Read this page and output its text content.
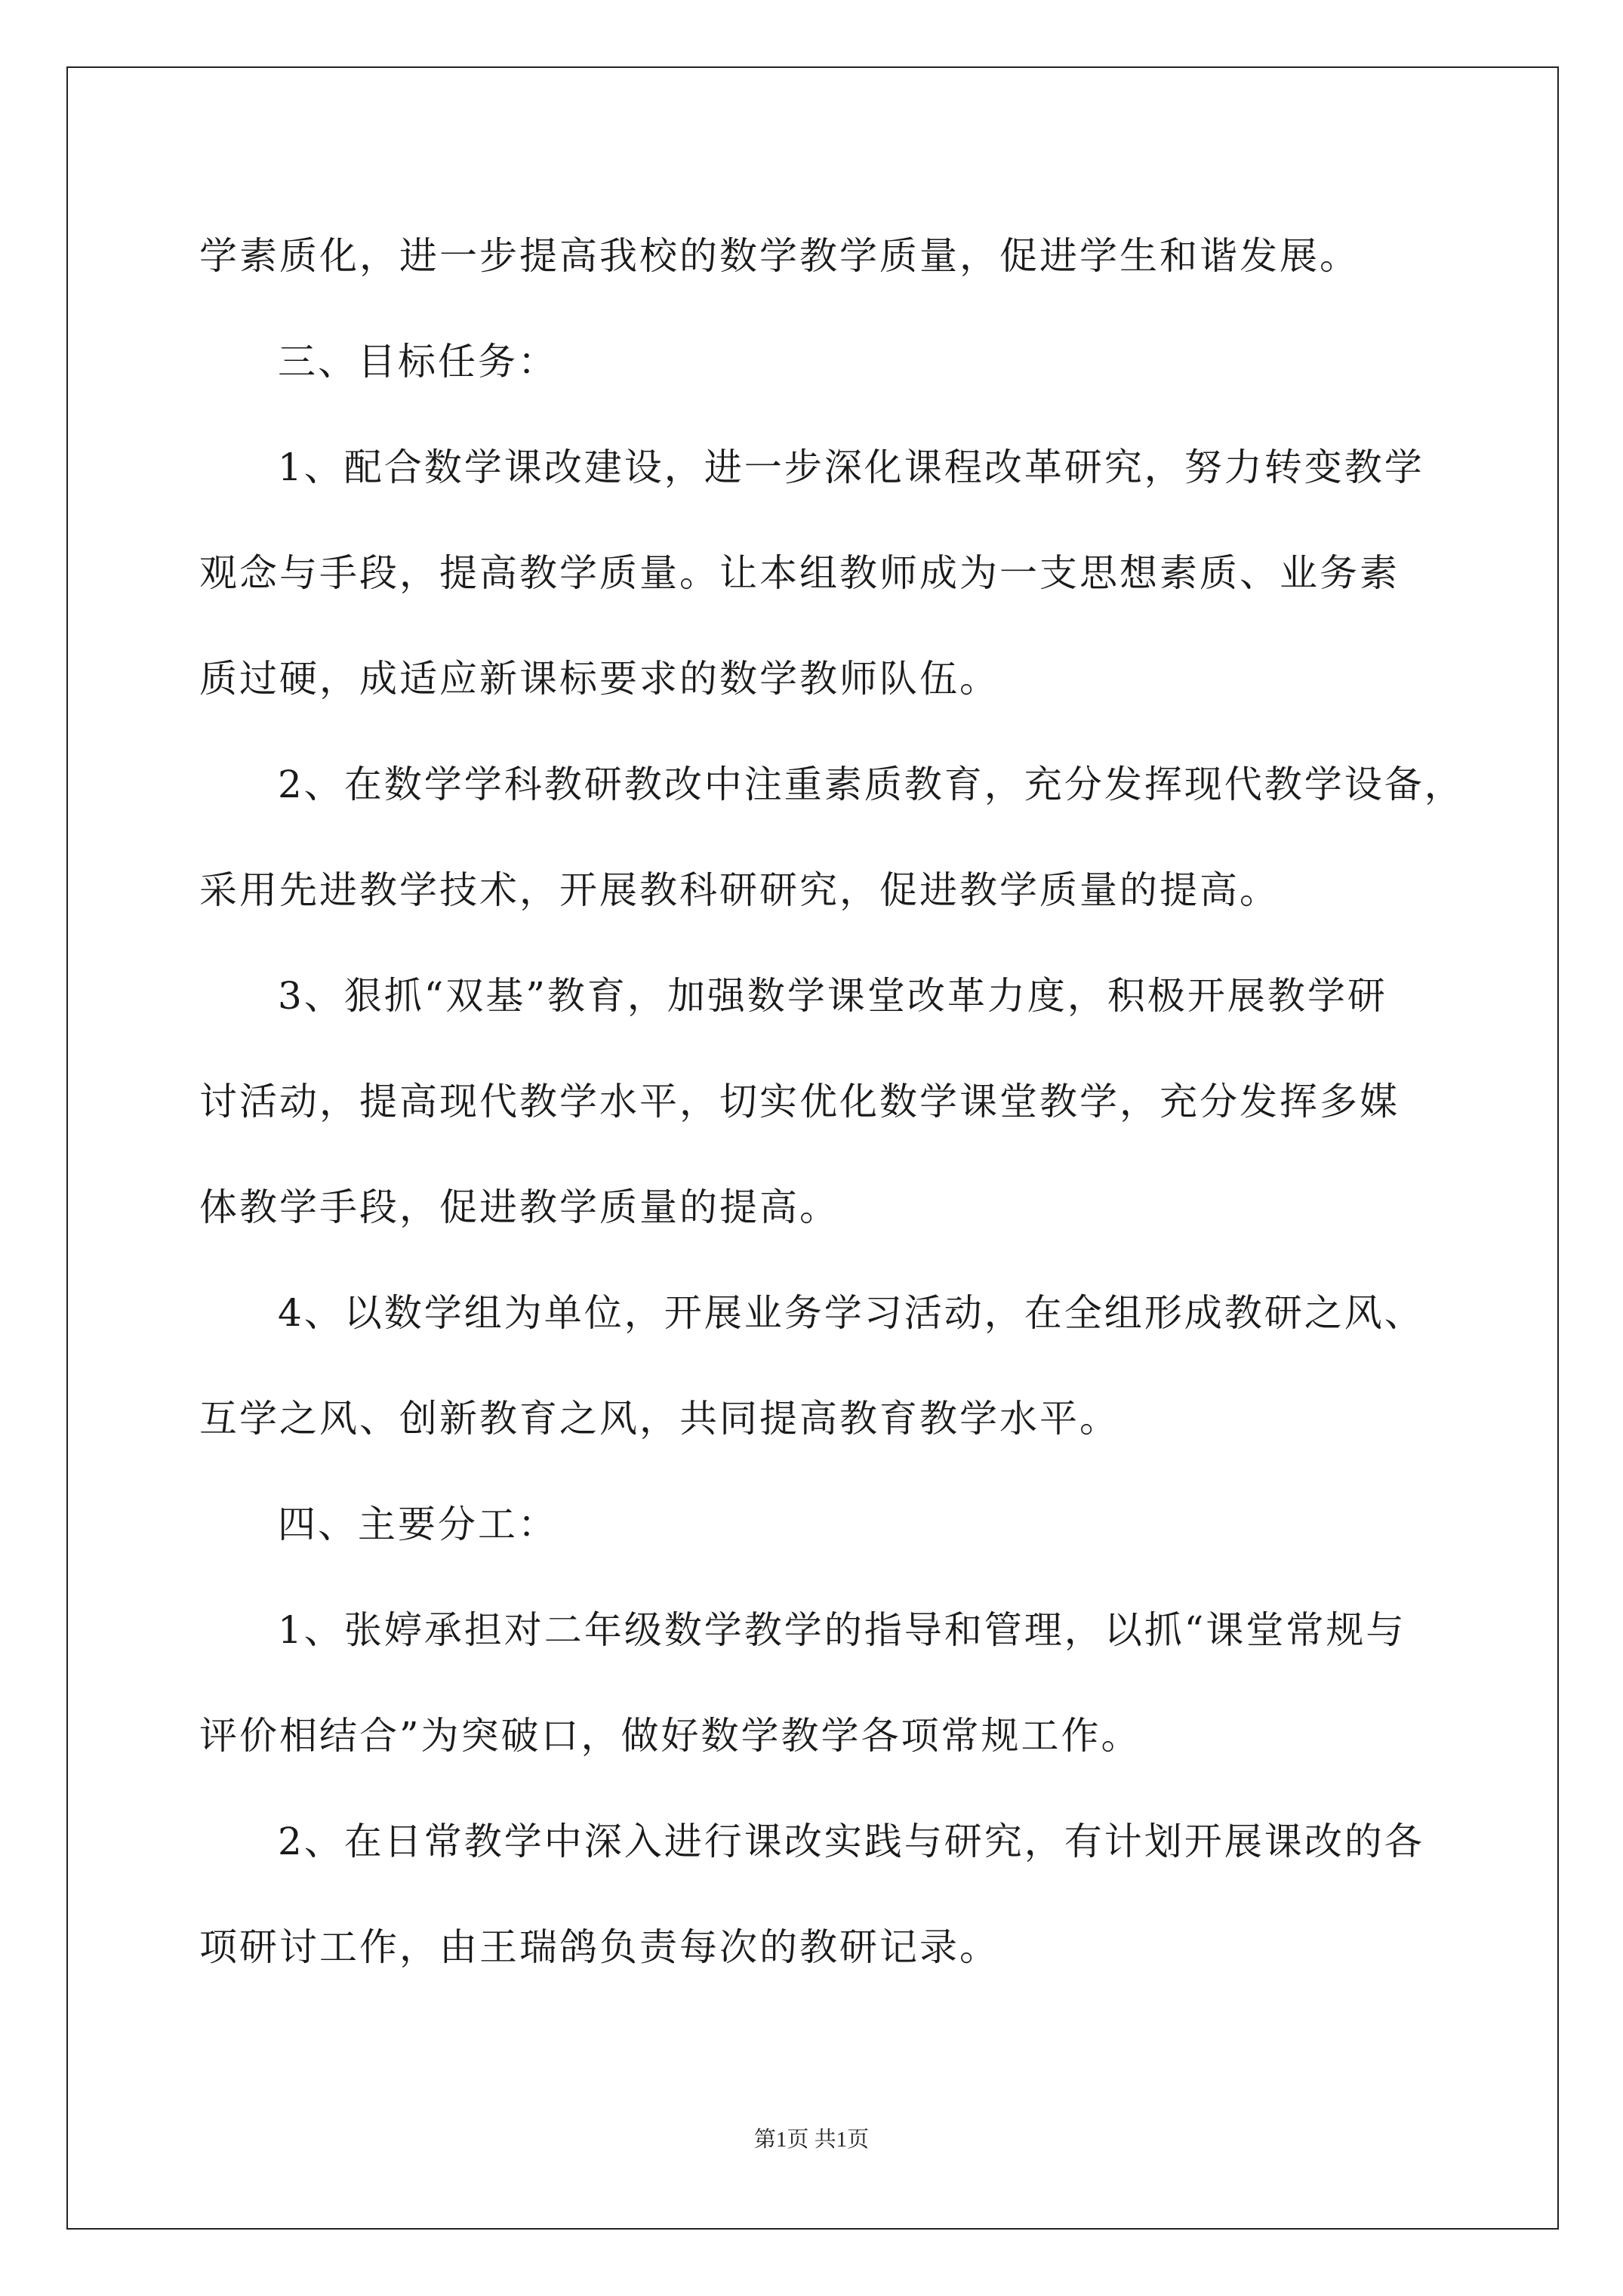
学素质化，进一步提高我校的数学教学质量，促进学生和谐发展。
三、目标任务：
1、配合数学课改建设，进一步深化课程改革研究，努力转变教学
观念与手段，提高教学质量。让本组教师成为一支思想素质、业务素
质过硬，成适应新课标要求的数学教师队伍。
2、在数学学科教研教改中注重素质教育，充分发挥现代教学设备，
采用先进教学技术，开展教科研研究，促进教学质量的提高。
3、狠抓“双基”教育，加强数学课堂改革力度，积极开展教学研
讨活动，提高现代教学水平，切实优化数学课堂教学，充分发挥多媒
体教学手段，促进教学质量的提高。
4、以数学组为单位，开展业务学习活动，在全组形成教研之风、
互学之风、创新教育之风，共同提高教育教学水平。
四、主要分工：
1、张婷承担对二年级数学教学的指导和管理，以抓“课堂常规与
评价相结合”为突破口，做好数学教学各项常规工作。
2、在日常教学中深入进行课改实践与研究，有计划开展课改的各
项研讨工作，由王瑞鸽负责每次的教研记录。
第1页 共1页
